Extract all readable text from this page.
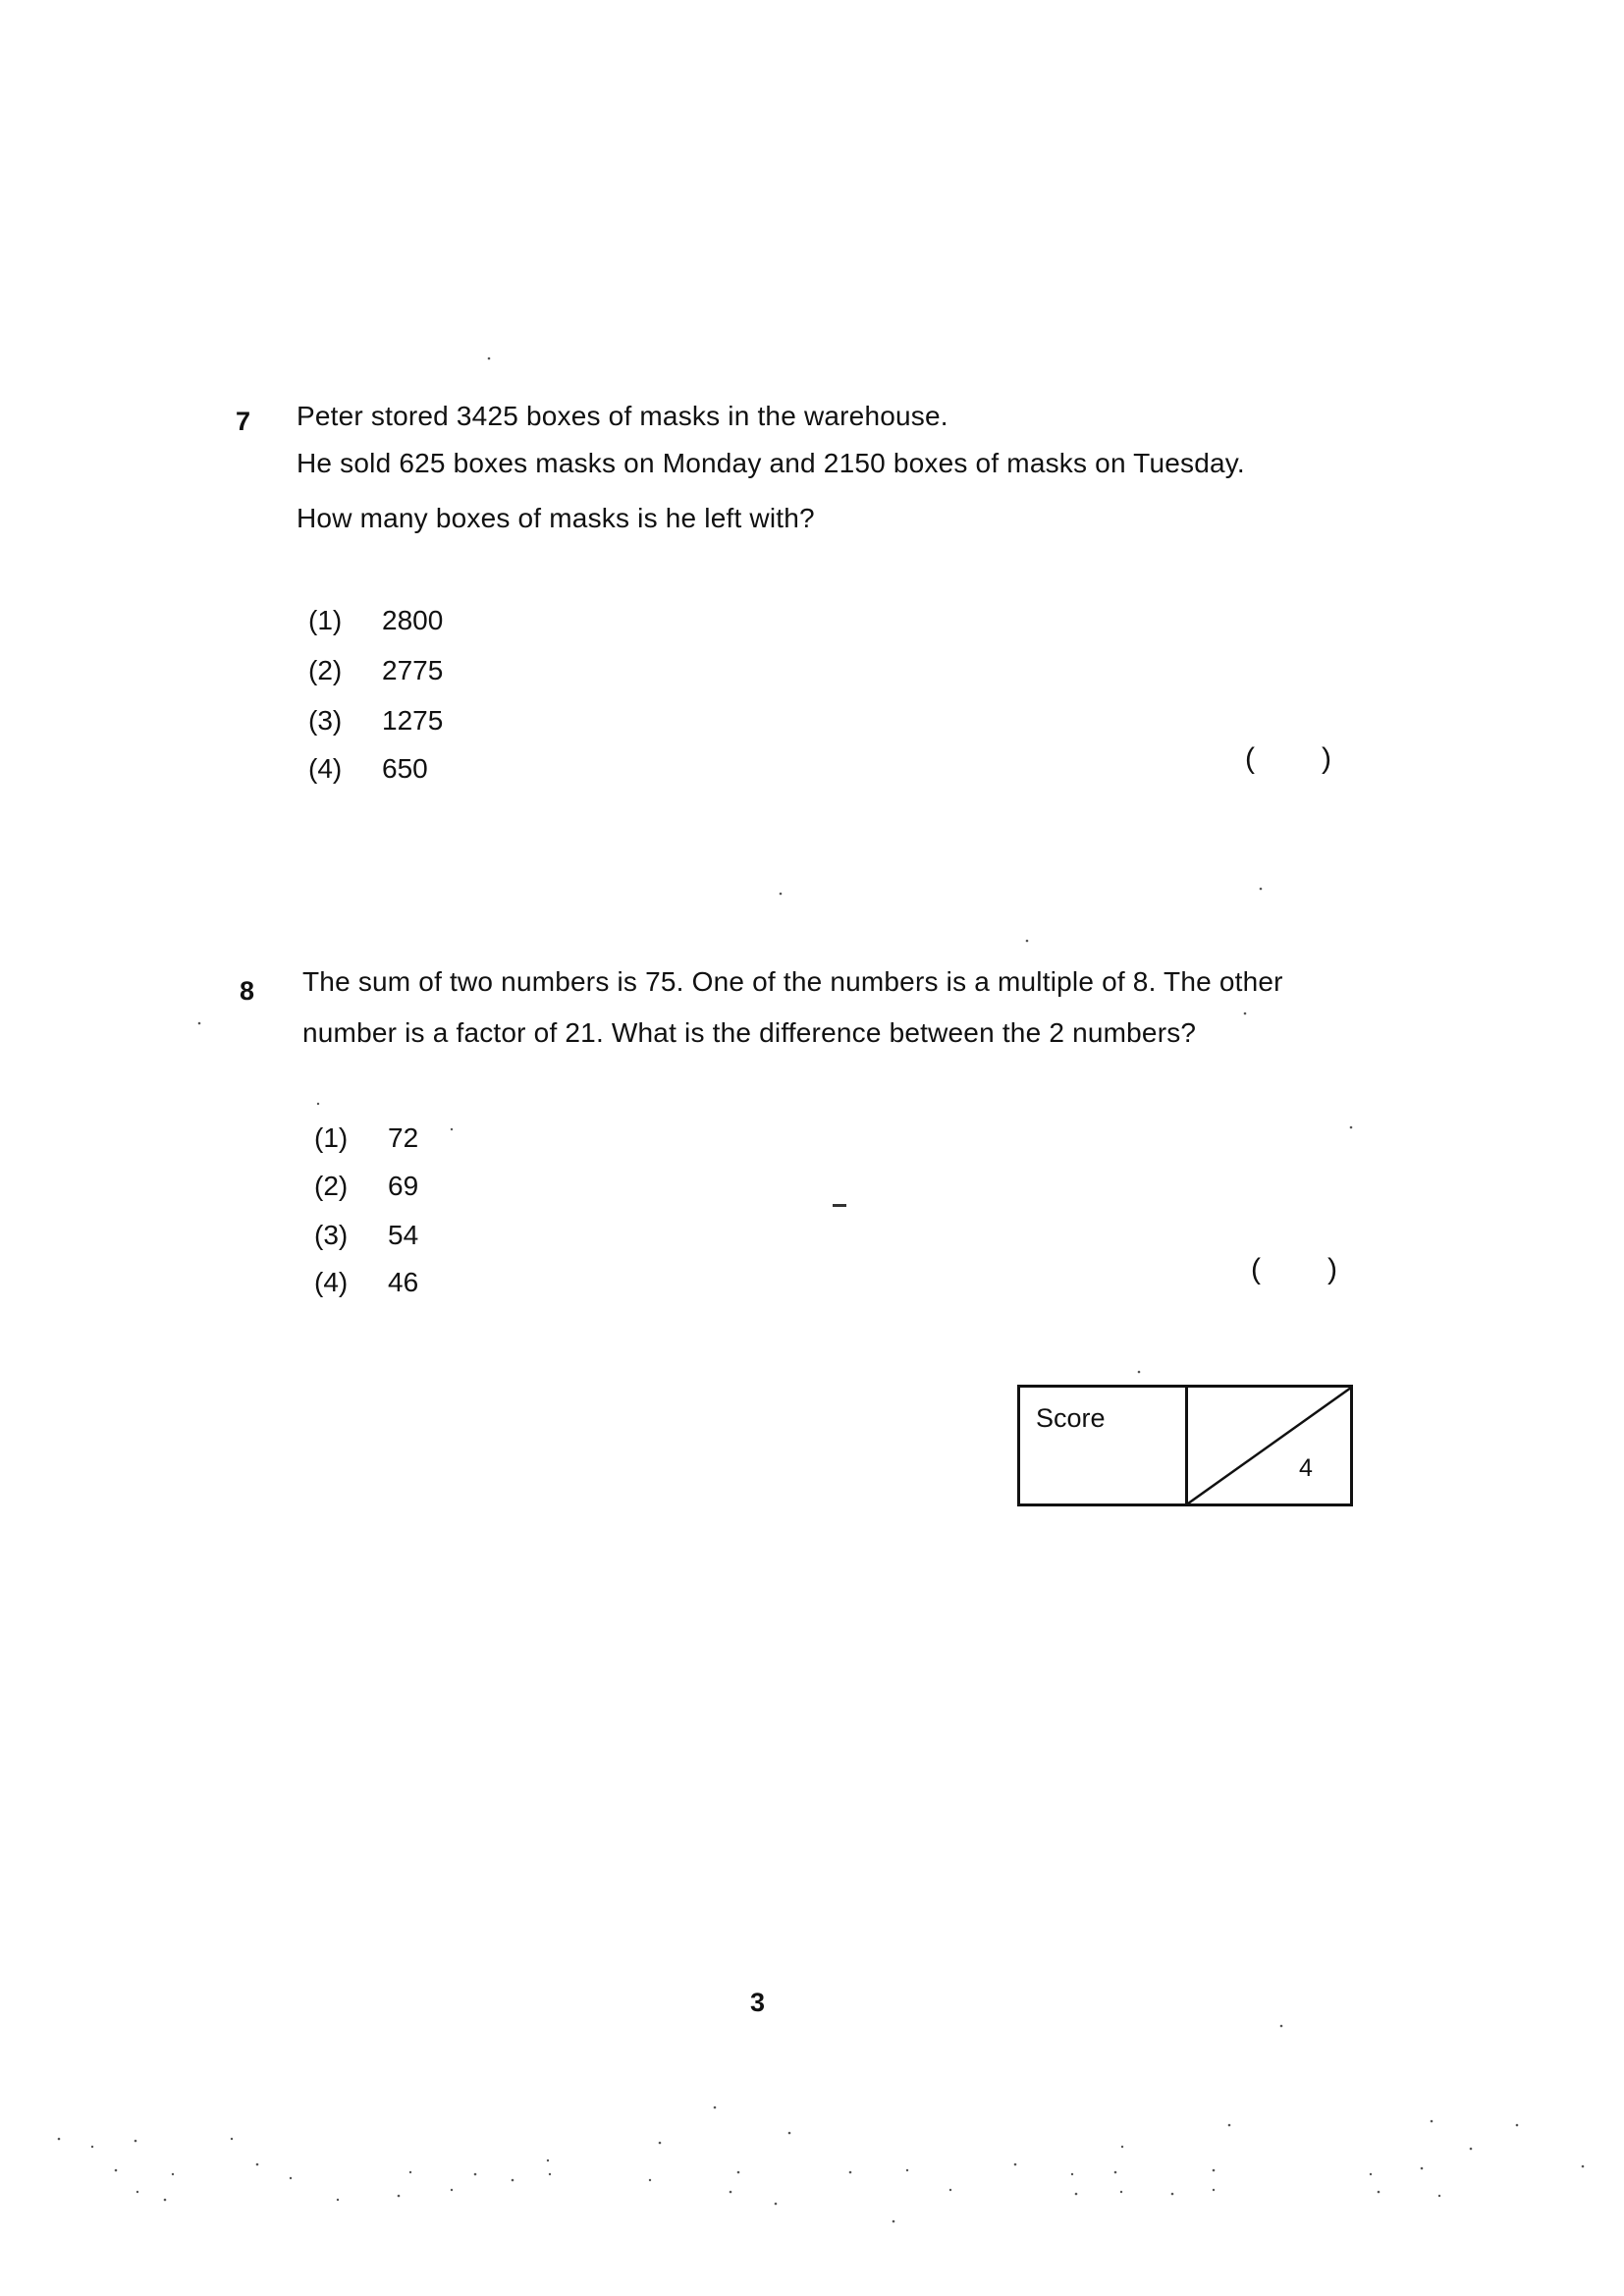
7 Peter stored 3425 boxes of masks in the warehouse.
He sold 625 boxes masks on Monday and 2150 boxes of masks on Tuesday.
How many boxes of masks is he left with?
(1) 2800
(2) 2775
(3) 1275
(4) 650	( )
8 The sum of two numbers is 75. One of the numbers is a multiple of 8. The other
number is a factor of 21. What is the difference between the 2 numbers?
(1) 72
(2) 69
(3) 54
(4) 46	( )
Score
4
3
